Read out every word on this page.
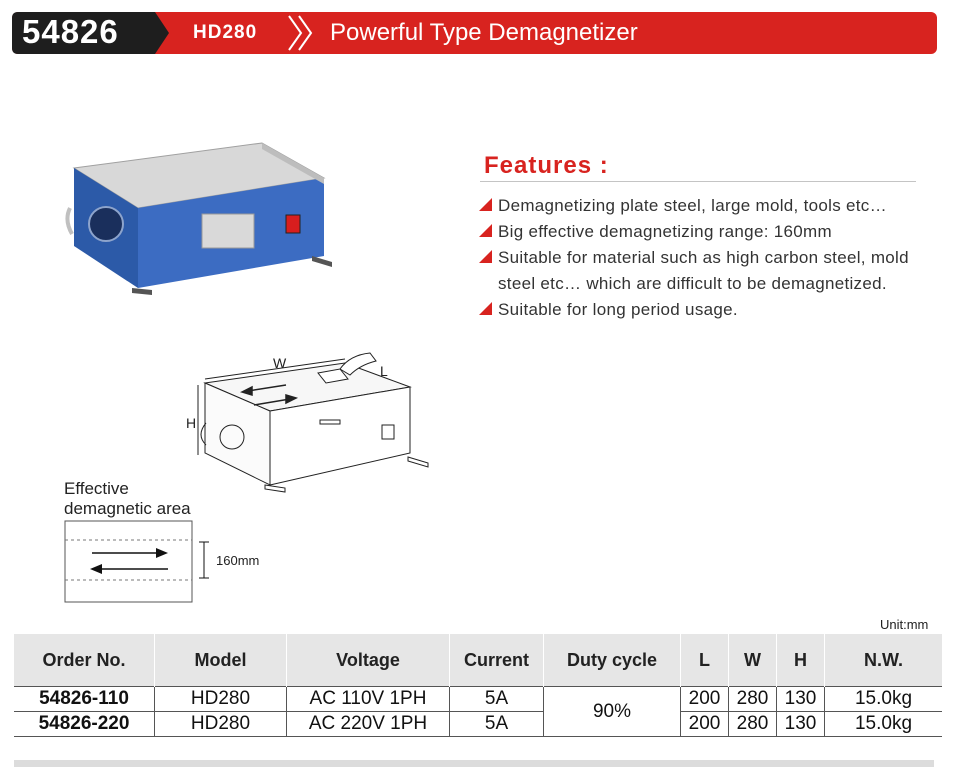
54826	HD280	Powerful Type Demagnetizer
W
H
L
Effective
demagnetic area
160mm
Features :
Demagnetizing plate steel, large mold, tools etc…
Big effective demagnetizing range: 160mm
Suitable for material such as high carbon steel, mold steel etc… which are difficult to be demagnetized.
Suitable for long period usage.
Unit:mm
Order No.	Model	Voltage	Current	Duty cycle	L	W	H	N.W.
54826-110	HD280	AC 110V 1PH	5A	90%	200	280	130	15.0kg
54826-220	HD280	AC 220V 1PH	5A		200	280	130	15.0kg
